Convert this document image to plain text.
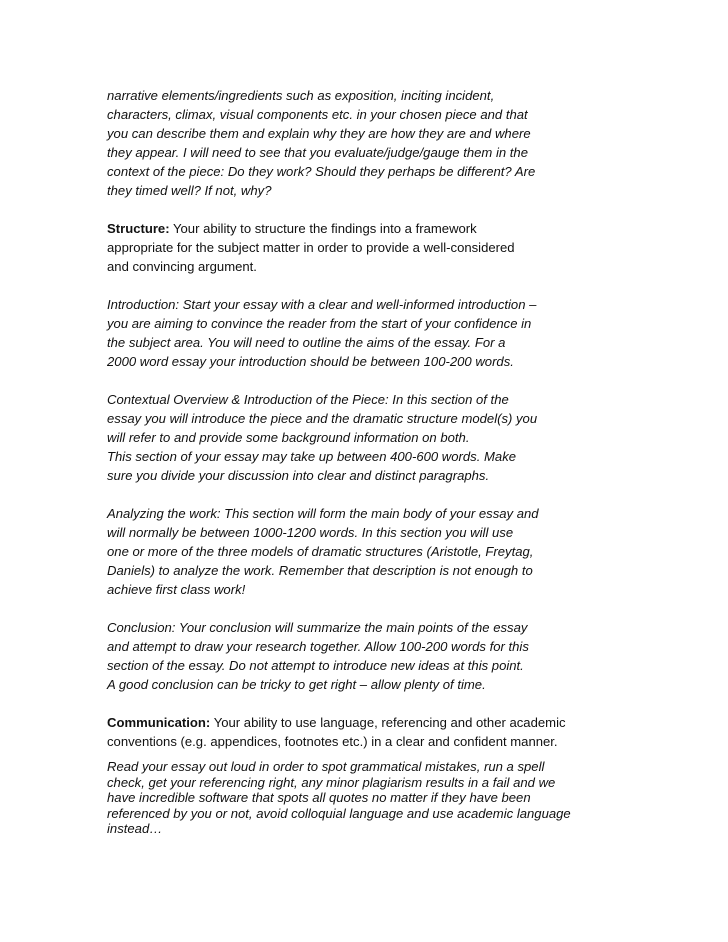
narrative elements/ingredients such as exposition, inciting incident,
characters, climax, visual components etc. in your chosen piece and that
you can describe them and explain why they are how they are and where
they appear. I will need to see that you evaluate/judge/gauge them in the
context of the piece: Do they work? Should they perhaps be different? Are
they timed well? If not, why?

Structure: Your ability to structure the findings into a framework
appropriate for the subject matter in order to provide a well-considered
and convincing argument.

Introduction: Start your essay with a clear and well-informed introduction –
you are aiming to convince the reader from the start of your confidence in
the subject area. You will need to outline the aims of the essay. For a
2000 word essay your introduction should be between 100-200 words.

Contextual Overview & Introduction of the Piece: In this section of the
essay you will introduce the piece and the dramatic structure model(s) you
will refer to and provide some background information on both.
This section of your essay may take up between 400-600 words. Make
sure you divide your discussion into clear and distinct paragraphs.

Analyzing the work: This section will form the main body of your essay and
will normally be between 1000-1200 words. In this section you will use
one or more of the three models of dramatic structures (Aristotle, Freytag,
Daniels) to analyze the work. Remember that description is not enough to
achieve first class work!

Conclusion: Your conclusion will summarize the main points of the essay
and attempt to draw your research together. Allow 100-200 words for this
section of the essay. Do not attempt to introduce new ideas at this point.
A good conclusion can be tricky to get right – allow plenty of time.

Communication: Your ability to use language, referencing and other academic
conventions (e.g. appendices, footnotes etc.) in a clear and confident manner.

Read your essay out loud in order to spot grammatical mistakes, run a spell
check, get your referencing right, any minor plagiarism results in a fail and we
have incredible software that spots all quotes no matter if they have been
referenced by you or not, avoid colloquial language and use academic language
instead…
